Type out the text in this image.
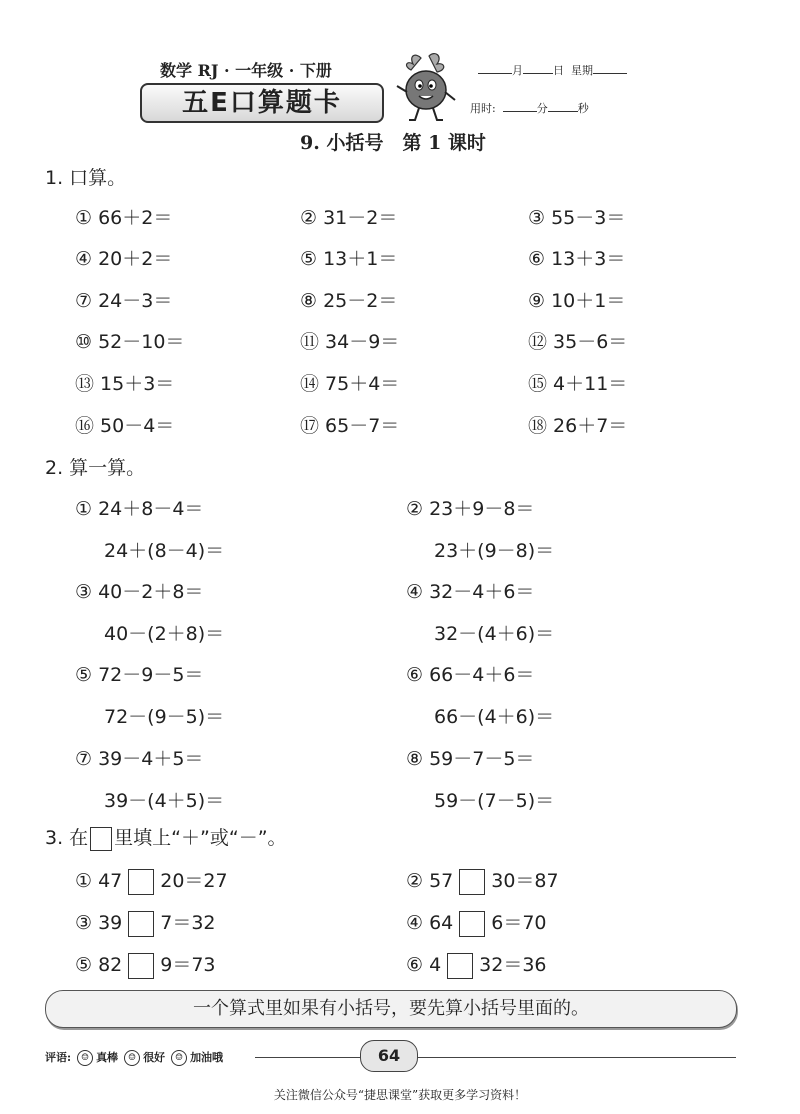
数学 RJ · 一年级 · 下册
五E口算题卡
月	日 星期
用时:	分	秒
9. 小括号　第 1 课时
1. 口算。
① 66＋2＝	② 31－2＝	③ 55－3＝
④ 20＋2＝	⑤ 13＋1＝	⑥ 13＋3＝
⑦ 24－3＝	⑧ 25－2＝	⑨ 10＋1＝
⑩ 52－10＝	⑪ 34－9＝	⑫ 35－6＝
⑬ 15＋3＝	⑭ 75＋4＝	⑮ 4＋11＝
⑯ 50－4＝	⑰ 65－7＝	⑱ 26＋7＝
2. 算一算。
① 24＋8－4＝
24＋(8－4)＝
② 23＋9－8＝
23＋(9－8)＝
③ 40－2＋8＝
40－(2＋8)＝
④ 32－4＋6＝
32－(4＋6)＝
⑤ 72－9－5＝
72－(9－5)＝
⑥ 66－4＋6＝
66－(4＋6)＝
⑦ 39－4＋5＝
39－(4＋5)＝
⑧ 59－7－5＝
59－(7－5)＝
3. 在 里填上“＋”或“－”。
① 47 20＝27	② 57 30＝87
③ 39 7＝32	④ 64 6＝70
⑤ 82 9＝73	⑥ 4 32＝36
一个算式里如果有小括号，要先算小括号里面的。
评语: ☺ 真棒 ☺ 很好 ☺ 加油哦	64
关注微信公众号“捷思课堂”获取更多学习资料！
